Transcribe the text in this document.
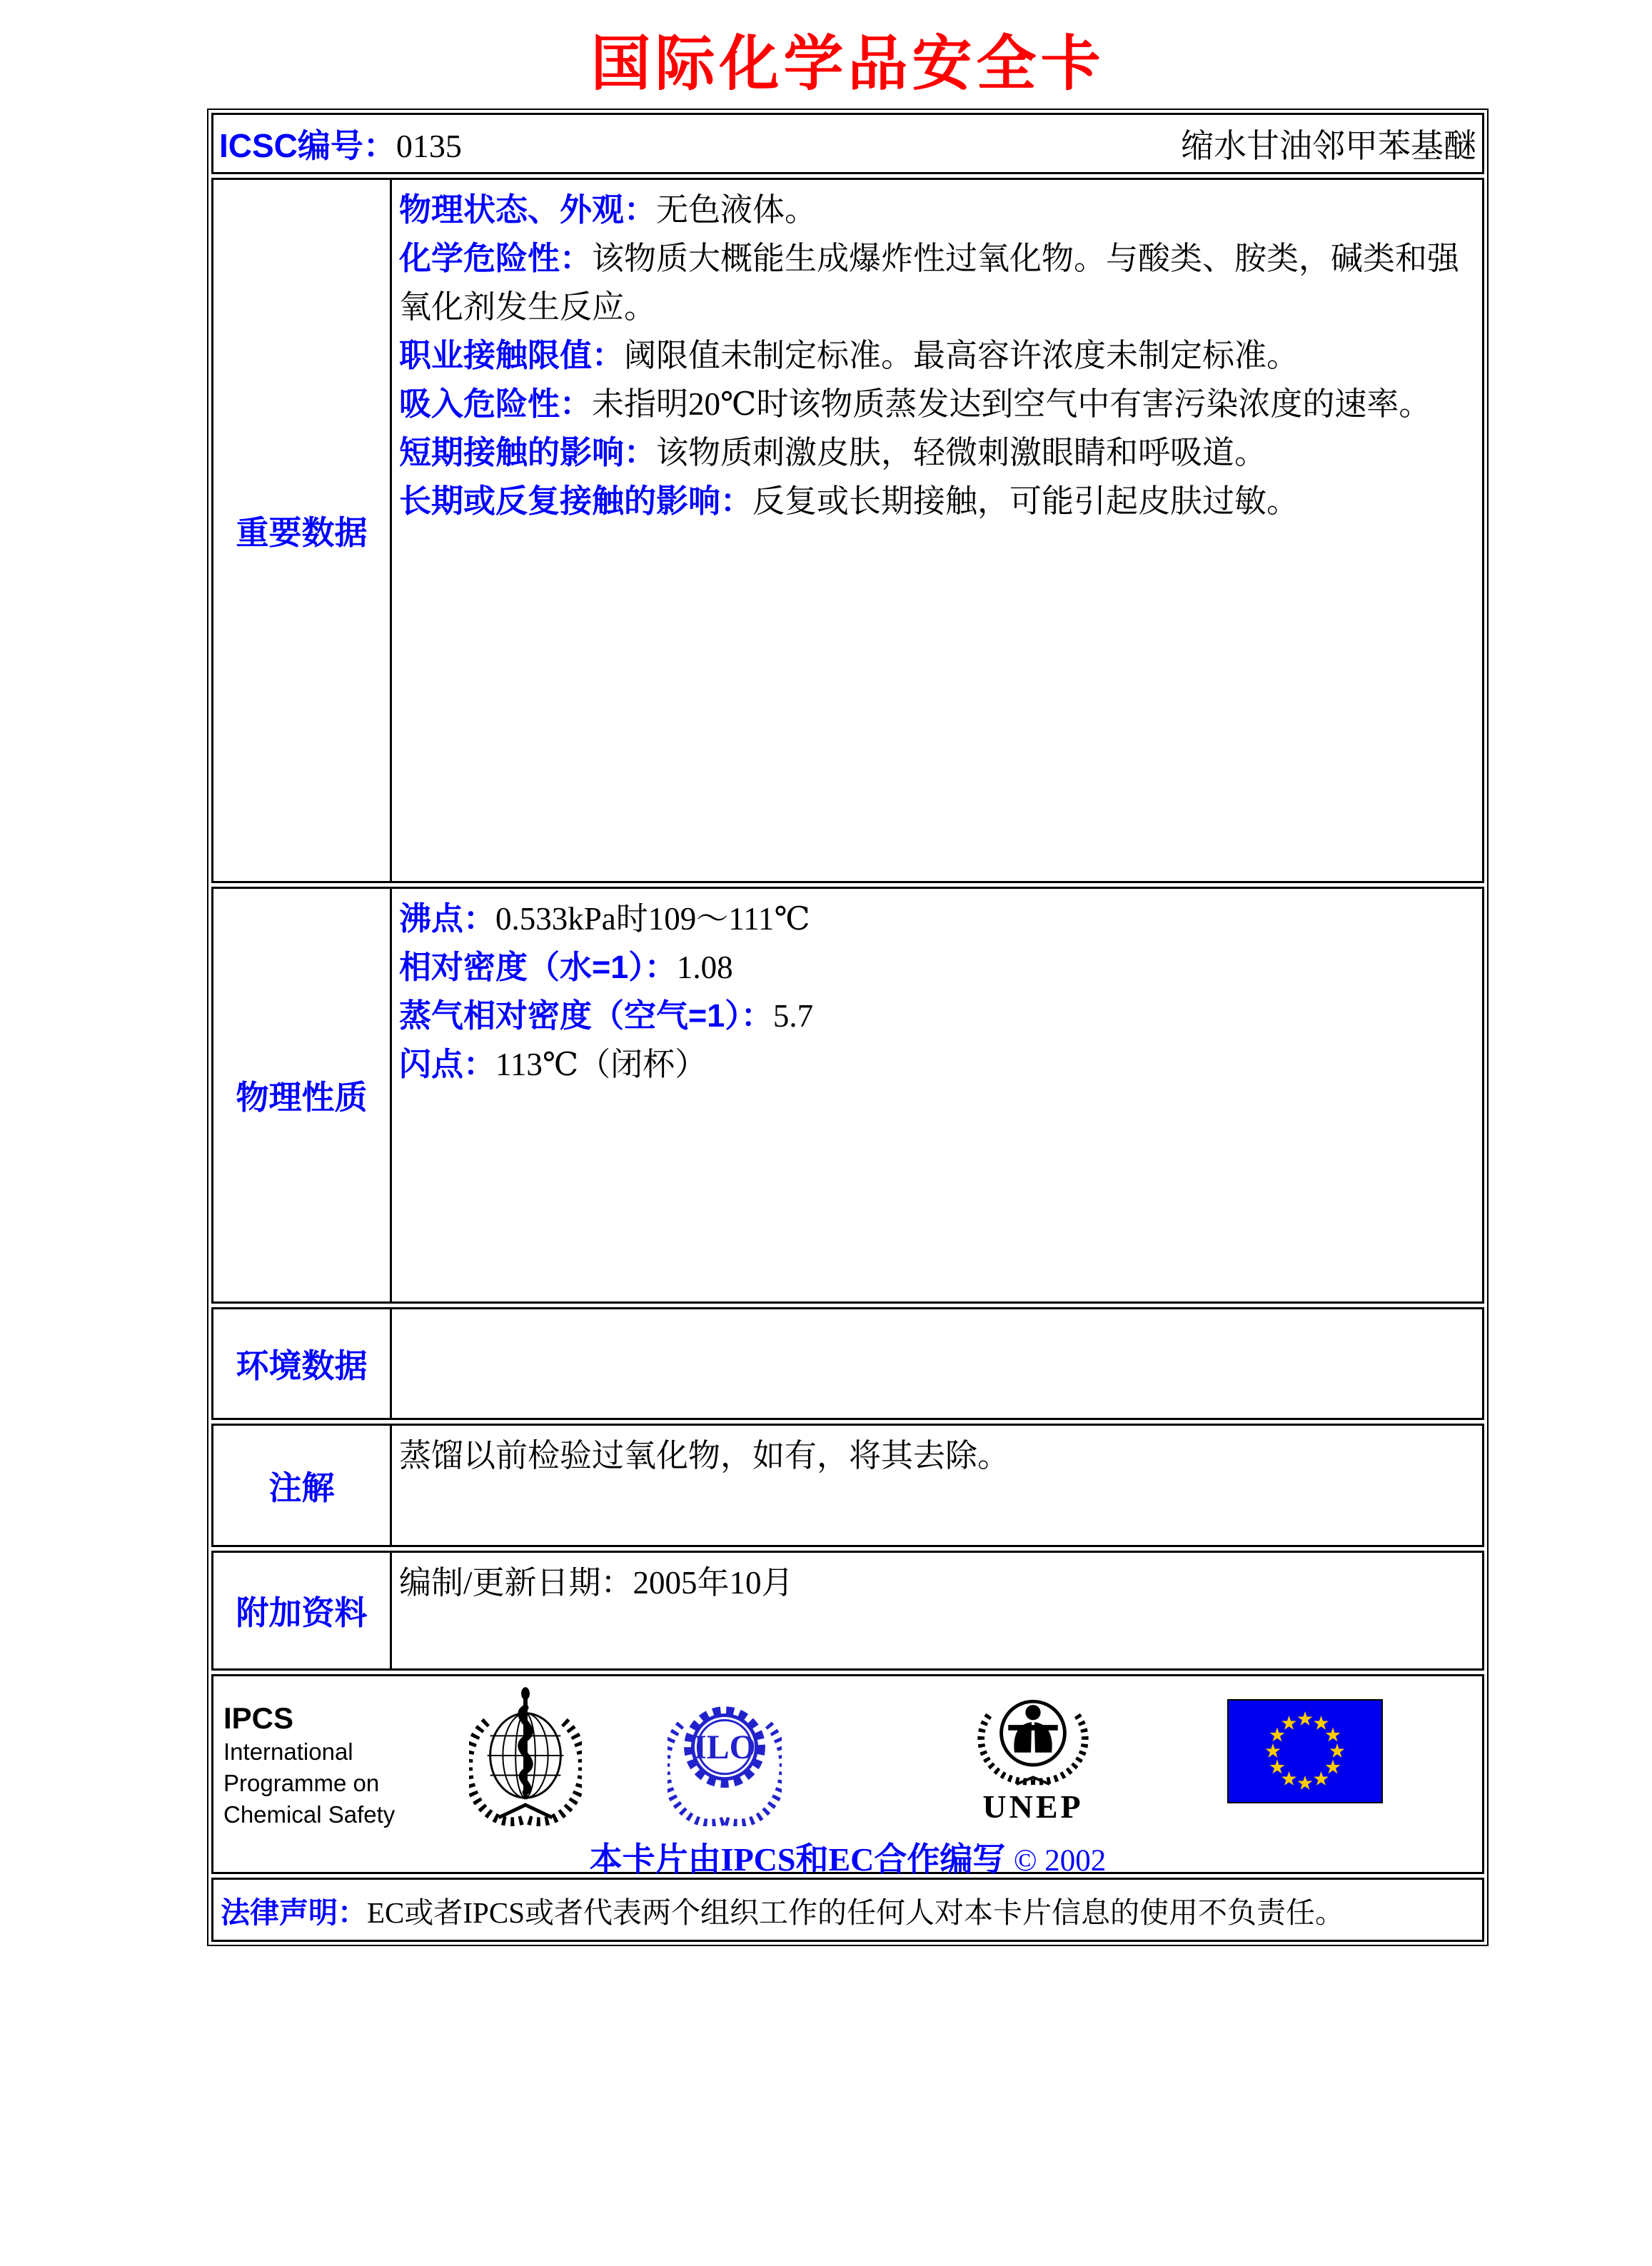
国际化学品安全卡
ICSC编号：0135	缩水甘油邻甲苯基醚
重要数据

物理状态、外观：无色液体。

化学危险性：该物质大概能生成爆炸性过氧化物。与酸类、胺类，碱类和强氧化剂发生反应。

职业接触限值：阈限值未制定标准。最高容许浓度未制定标准。

吸入危险性：未指明20℃时该物质蒸发达到空气中有害污染浓度的速率。

短期接触的影响：该物质刺激皮肤，轻微刺激眼睛和呼吸道。

长期或反复接触的影响：反复或长期接触，可能引起皮肤过敏。

物理性质

沸点：0.533kPa时109～111℃

相对密度（水=1）：1.08

蒸气相对密度（空气=1）：5.7

闪点：113℃（闭杯）

环境数据

注解

蒸馏以前检验过氧化物，如有，将其去除。

附加资料

编制/更新日期：2005年10月

IPCS
International
Programme on
Chemical Safety
ILO
UNEP
本卡片由IPCS和EC合作编写 © 2002
法律声明：EC或者IPCS或者代表两个组织工作的任何人对本卡片信息的使用不负责任。
